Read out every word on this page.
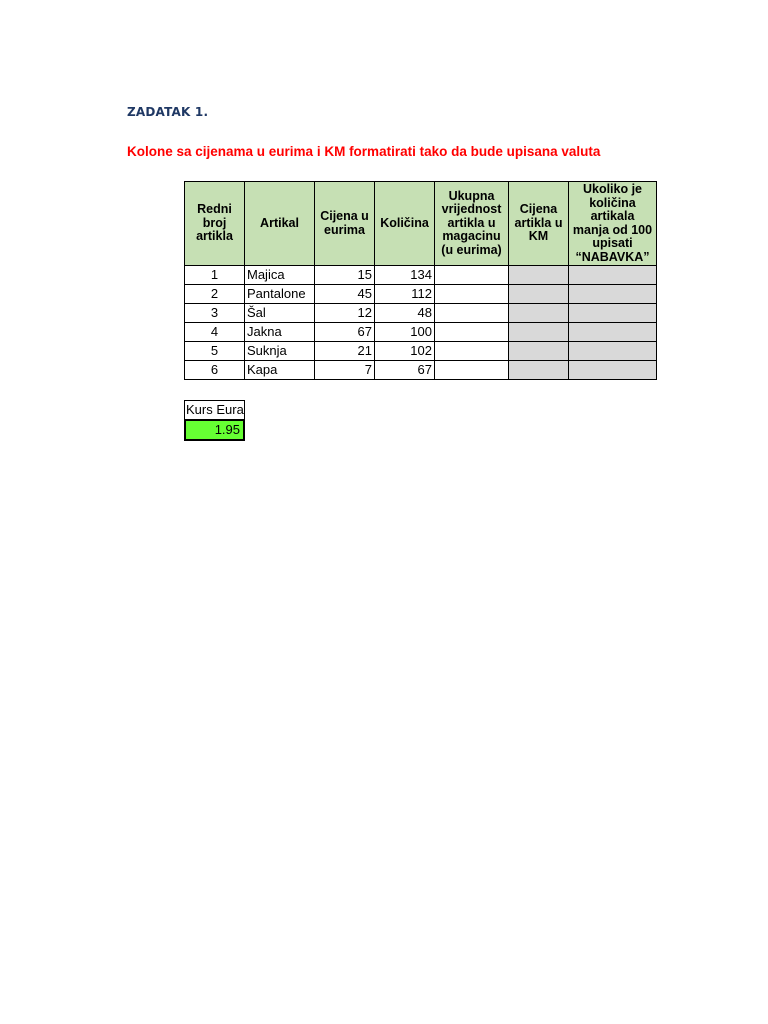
ZADATAK 1.
Kolone sa cijenama u eurima i KM formatirati tako da bude upisana valuta
Redni broj artikla	Artikal	Cijena u eurima	Količina	Ukupna vrijednost artikla u magacinu (u eurima)	Cijena artikla u KM	Ukoliko je količina artikala manja od 100 upisati “NABAVKA”
1	Majica	15	134			
2	Pantalone	45	112			
3	Šal	12	48			
4	Jakna	67	100			
5	Suknja	21	102			
6	Kapa	7	67			
Kurs Eura
1.95
